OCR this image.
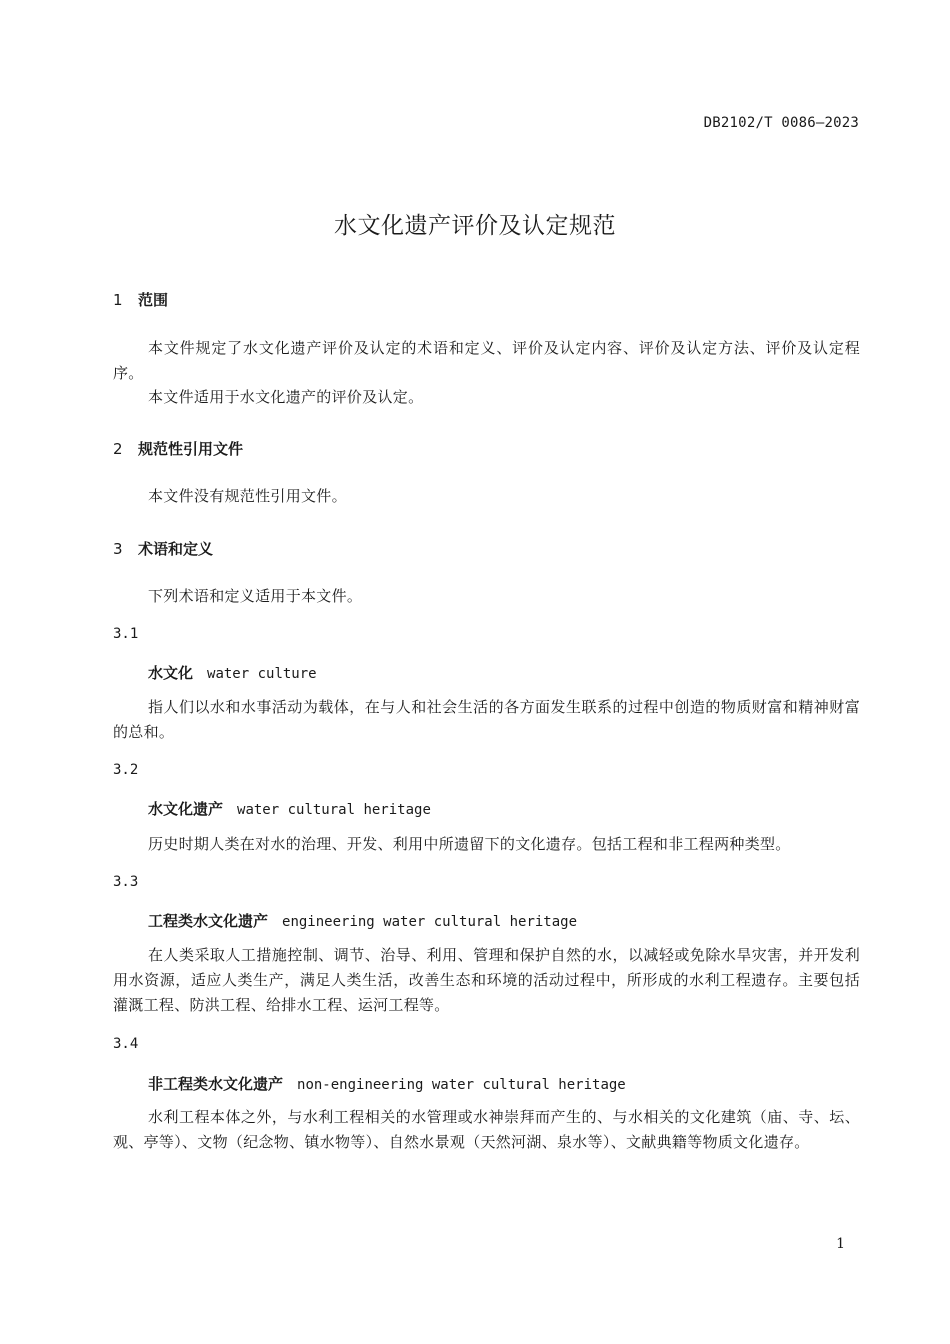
DB2102/T 0086—2023
水文化遗产评价及认定规范
1 范围
本文件规定了水文化遗产评价及认定的术语和定义、评价及认定内容、评价及认定方法、评价及认定程序。
本文件适用于水文化遗产的评价及认定。
2 规范性引用文件
本文件没有规范性引用文件。
3 术语和定义
下列术语和定义适用于本文件。
3.1
水文化 water culture
指人们以水和水事活动为载体，在与人和社会生活的各方面发生联系的过程中创造的物质财富和精神财富的总和。
3.2
水文化遗产 water cultural heritage
历史时期人类在对水的治理、开发、利用中所遗留下的文化遗存。包括工程和非工程两种类型。
3.3
工程类水文化遗产 engineering water cultural heritage
在人类采取人工措施控制、调节、治导、利用、管理和保护自然的水，以减轻或免除水旱灾害，并开发利用水资源，适应人类生产，满足人类生活，改善生态和环境的活动过程中，所形成的水利工程遗存。主要包括灌溉工程、防洪工程、给排水工程、运河工程等。
3.4
非工程类水文化遗产 non-engineering water cultural heritage
水利工程本体之外，与水利工程相关的水管理或水神崇拜而产生的、与水相关的文化建筑（庙、寺、坛、观、亭等）、文物（纪念物、镇水物等）、自然水景观（天然河湖、泉水等）、文献典籍等物质文化遗存。
1
